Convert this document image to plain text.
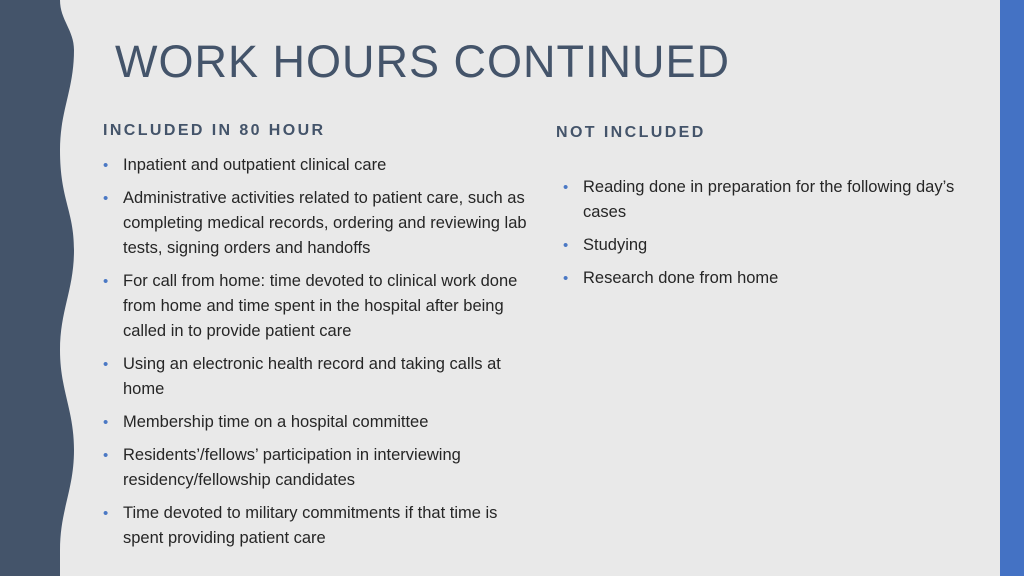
WORK HOURS CONTINUED
INCLUDED IN 80 HOUR	NOT INCLUDED
• Inpatient and outpatient clinical care
• Administrative activities related to patient care, such as completing medical records, ordering and reviewing lab tests, signing orders and handoffs
• For call from home: time devoted to clinical work done from home and time spent in the hospital after being called in to provide patient care
• Using an electronic health record and taking calls at home
• Membership time on a hospital committee
• Residents’/fellows’ participation in interviewing residency/fellowship candidates
• Time devoted to military commitments if that time is spent providing patient care
• Reading done in preparation for the following day’s cases
• Studying
• Research done from home
